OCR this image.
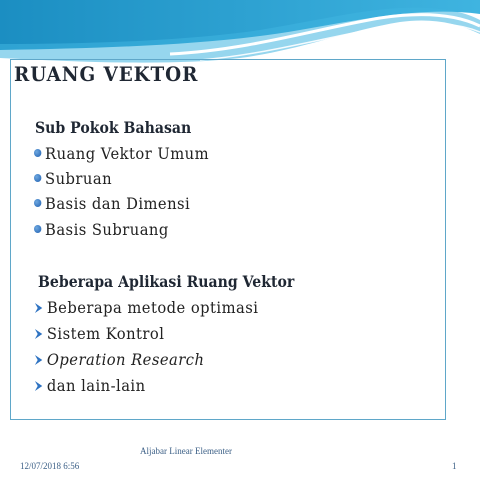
RUANG VEKTOR
Sub Pokok Bahasan
Ruang Vektor Umum
Subruan
Basis dan Dimensi
Basis Subruang
Beberapa Aplikasi Ruang Vektor
Beberapa metode optimasi
Sistem Kontrol
Operation Research
dan lain-lain
Aljabar Linear Elementer
12/07/2018 6:56	1
